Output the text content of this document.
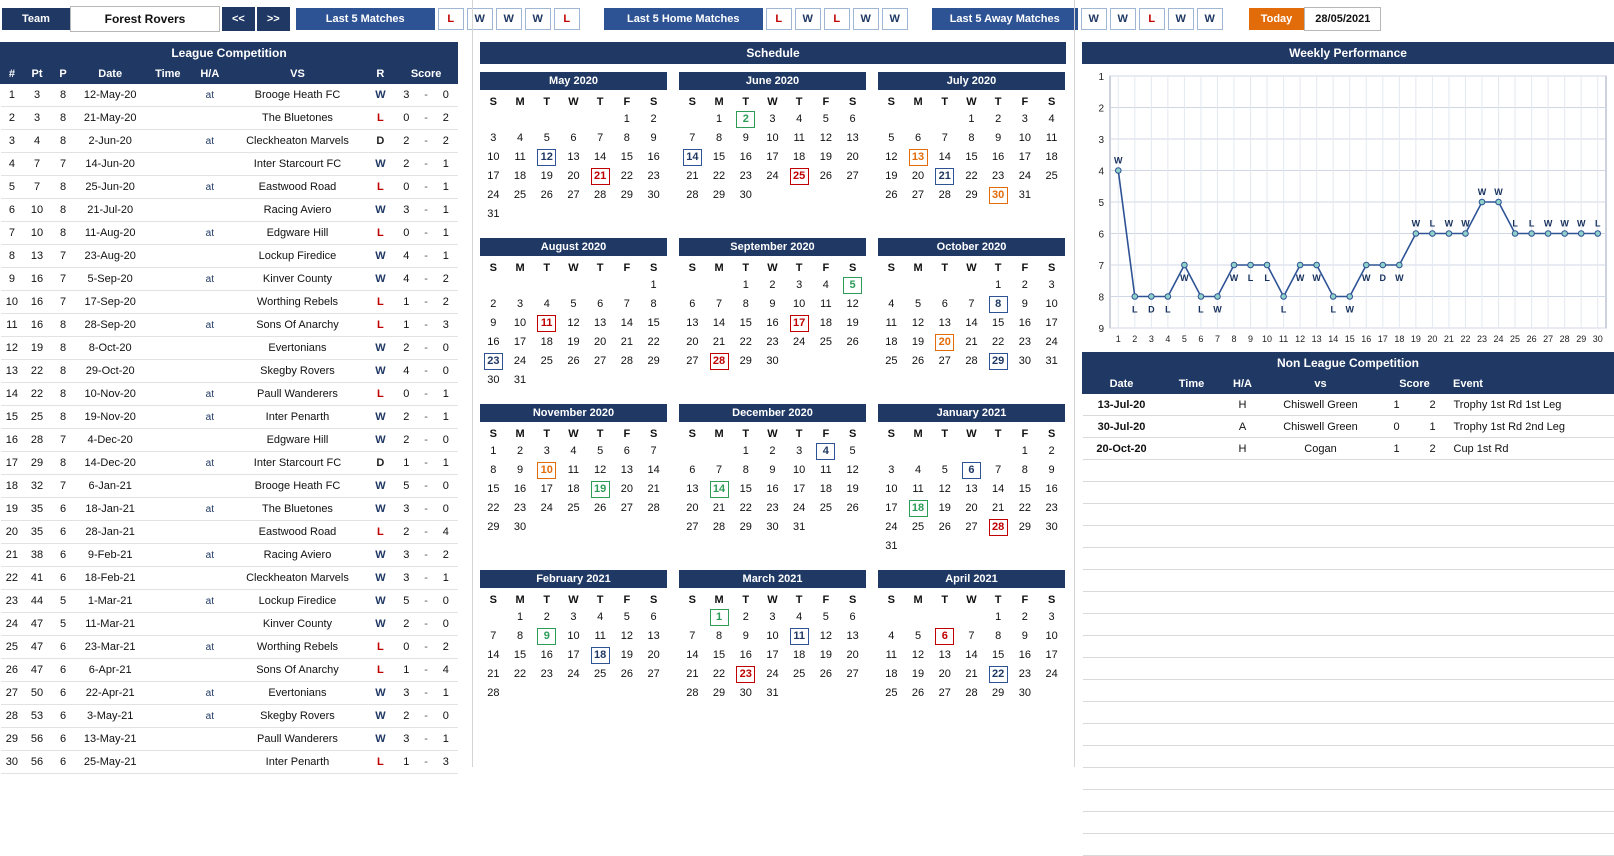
Team	Forest Rovers	<<	>>	Last 5 Matches	L	W	W	W	L	Last 5 Home Matches	L	W	L	W	W	Last 5 Away Matches	W	W	L	W	W	Today	28/05/2021
League Competition
#	Pt	P	Date	Time	H/A	VS	R	Score		
1	3	8	12-May-20		at	Brooge Heath FC	W	3	-	0
2	3	8	21-May-20			The Bluetones	L	0	-	2
3	4	8	2-Jun-20		at	Cleckheaton Marvels	D	2	-	2
4	7	7	14-Jun-20			Inter Starcourt FC	W	2	-	1
5	7	8	25-Jun-20		at	Eastwood Road	L	0	-	1
6	10	8	21-Jul-20			Racing Aviero	W	3	-	1
7	10	8	11-Aug-20		at	Edgware Hill	L	0	-	1
8	13	7	23-Aug-20			Lockup Firedice	W	4	-	1
9	16	7	5-Sep-20		at	Kinver County	W	4	-	2
10	16	7	17-Sep-20			Worthing Rebels	L	1	-	2
11	16	8	28-Sep-20		at	Sons Of Anarchy	L	1	-	3
12	19	8	8-Oct-20			Evertonians	W	2	-	0
13	22	8	29-Oct-20			Skegby Rovers	W	4	-	0
14	22	8	10-Nov-20		at	Paull Wanderers	L	0	-	1
15	25	8	19-Nov-20		at	Inter Penarth	W	2	-	1
16	28	7	4-Dec-20			Edgware Hill	W	2	-	0
17	29	8	14-Dec-20		at	Inter Starcourt FC	D	1	-	1
18	32	7	6-Jan-21			Brooge Heath FC	W	5	-	0
19	35	6	18-Jan-21		at	The Bluetones	W	3	-	0
20	35	6	28-Jan-21			Eastwood Road	L	2	-	4
21	38	6	9-Feb-21		at	Racing Aviero	W	3	-	2
22	41	6	18-Feb-21			Cleckheaton Marvels	W	3	-	1
23	44	5	1-Mar-21		at	Lockup Firedice	W	5	-	0
24	47	5	11-Mar-21			Kinver County	W	2	-	0
25	47	6	23-Mar-21		at	Worthing Rebels	L	0	-	2
26	47	6	6-Apr-21			Sons Of Anarchy	L	1	-	4
27	50	6	22-Apr-21		at	Evertonians	W	3	-	1
28	53	6	3-May-21		at	Skegby Rovers	W	2	-	0
29	56	6	13-May-21			Paull Wanderers	W	3	-	1
30	56	6	25-May-21			Inter Penarth	L	1	-	3
Schedule
May 2020
S	M	T	W	T	F	S
					1	2
3	4	5	6	7	8	9
10	11	12	13	14	15	16
17	18	19	20	21	22	23
24	25	26	27	28	29	30
31						
June 2020
S	M	T	W	T	F	S
	1	2	3	4	5	6
7	8	9	10	11	12	13
14	15	16	17	18	19	20
21	22	23	24	25	26	27
28	29	30				
July 2020
S	M	T	W	T	F	S
			1	2	3	4
5	6	7	8	9	10	11
12	13	14	15	16	17	18
19	20	21	22	23	24	25
26	27	28	29	30	31	
August 2020
S	M	T	W	T	F	S
						1
2	3	4	5	6	7	8
9	10	11	12	13	14	15
16	17	18	19	20	21	22
23	24	25	26	27	28	29
30	31					
September 2020
S	M	T	W	T	F	S
		1	2	3	4	5
6	7	8	9	10	11	12
13	14	15	16	17	18	19
20	21	22	23	24	25	26
27	28	29	30			
October 2020
S	M	T	W	T	F	S
				1	2	3
4	5	6	7	8	9	10
11	12	13	14	15	16	17
18	19	20	21	22	23	24
25	26	27	28	29	30	31
November 2020
S	M	T	W	T	F	S
1	2	3	4	5	6	7
8	9	10	11	12	13	14
15	16	17	18	19	20	21
22	23	24	25	26	27	28
29	30					
December 2020
S	M	T	W	T	F	S
		1	2	3	4	5
6	7	8	9	10	11	12
13	14	15	16	17	18	19
20	21	22	23	24	25	26
27	28	29	30	31		
January 2021
S	M	T	W	T	F	S
					1	2
3	4	5	6	7	8	9
10	11	12	13	14	15	16
17	18	19	20	21	22	23
24	25	26	27	28	29	30
31						
February 2021
S	M	T	W	T	F	S
	1	2	3	4	5	6
7	8	9	10	11	12	13
14	15	16	17	18	19	20
21	22	23	24	25	26	27
28						
March 2021
S	M	T	W	T	F	S
	1	2	3	4	5	6
7	8	9	10	11	12	13
14	15	16	17	18	19	20
21	22	23	24	25	26	27
28	29	30	31			
April 2021
S	M	T	W	T	F	S
				1	2	3
4	5	6	7	8	9	10
11	12	13	14	15	16	17
18	19	20	21	22	23	24
25	26	27	28	29	30	
Weekly Performance
1
2
3
4
5
6
7
8
9
1 2 3 4 5 6 7 8 9 10 11 12 13 14 15 16 17 18 19 20 21 22 23 24 25 26 27 28 29 30
W
L D L
W
L W
W L L
L
W W
L W
W D W
W L W W
W W
L L W W W L
Non League Competition
Date	Time	H/A	vs	Score		Event
13-Jul-20		H	Chiswell Green	1	2	Trophy 1st Rd 1st Leg
30-Jul-20		A	Chiswell Green	0	1	Trophy 1st Rd 2nd Leg
20-Oct-20		H	Cogan	1	2	Cup 1st Rd
